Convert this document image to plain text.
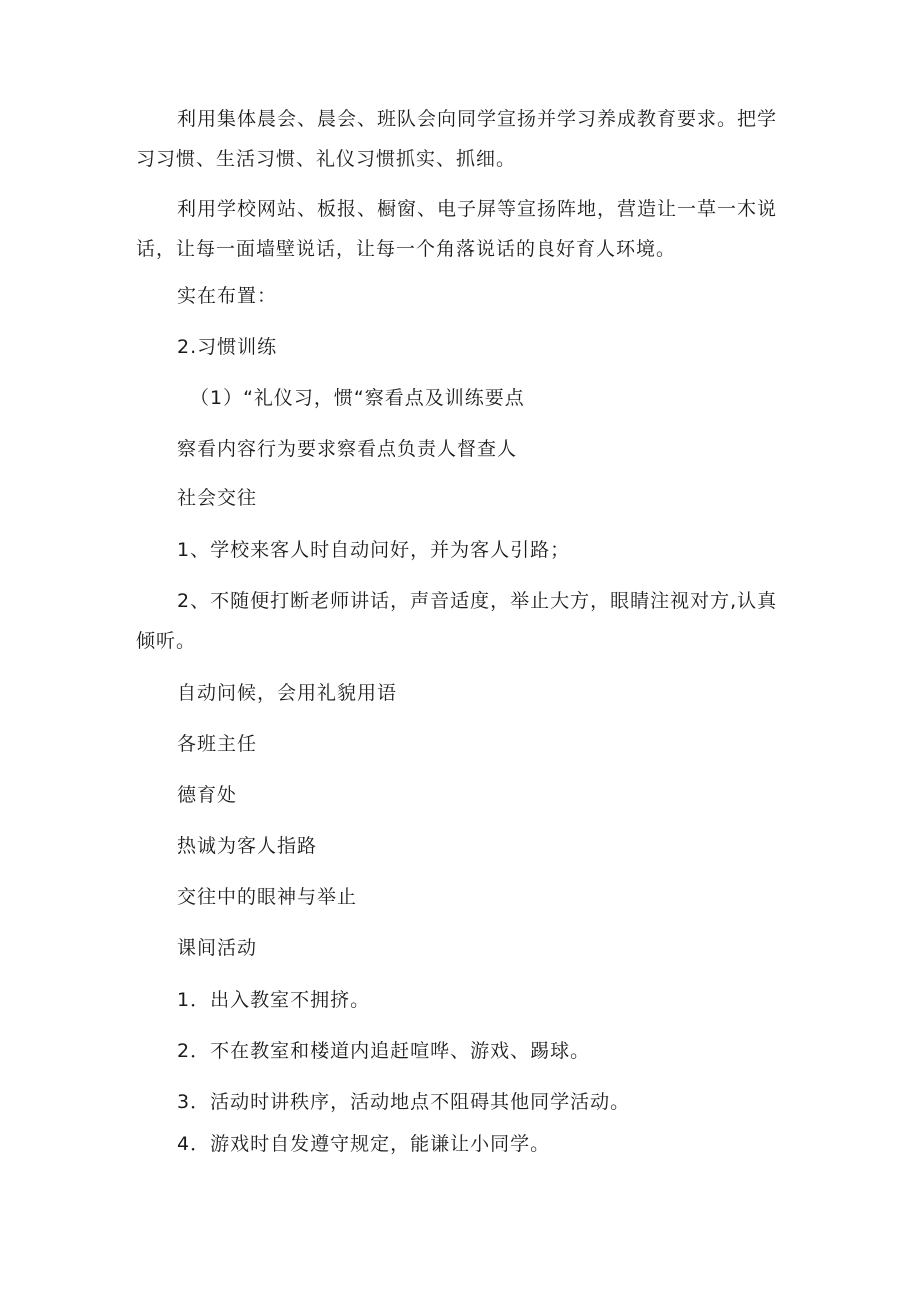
利用集体晨会、晨会、班队会向同学宣扬并学习养成教育要求。把学
习习惯、生活习惯、礼仪习惯抓实、抓细。
利用学校网站、板报、橱窗、电子屏等宣扬阵地，营造让一草一木说
话，让每一面墙壁说话，让每一个角落说话的良好育人环境。
实在布置：
2.习惯训练
（1）“礼仪习，惯“察看点及训练要点
察看内容行为要求察看点负责人督查人
社会交往
1、学校来客人时自动问好，并为客人引路；
2、不随便打断老师讲话，声音适度，举止大方，眼睛注视对方,认真
倾听。
自动问候，会用礼貌用语
各班主任
德育处
热诚为客人指路
交往中的眼神与举止
课间活动
1．出入教室不拥挤。
2．不在教室和楼道内追赶喧哗、游戏、踢球。
3．活动时讲秩序，活动地点不阻碍其他同学活动。
4．游戏时自发遵守规定，能谦让小同学。
